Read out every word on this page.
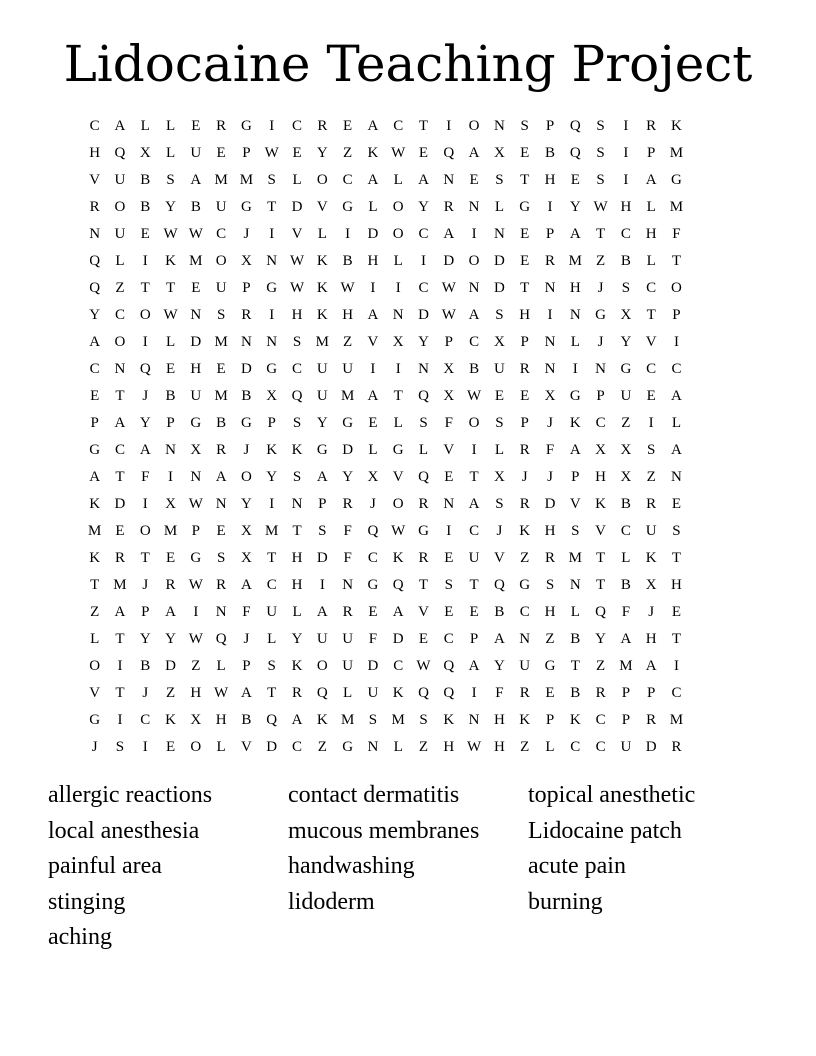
Lidocaine Teaching Project
C A	L	L	E	R G	I	C	R	E	A C	T	I	O N	S	P	Q	S	I	R K
H Q X	L	U	E	P W E	Y	Z	K W E	Q A X	E	B Q	S	I	P M
V U B	S	A M M S	L	O C A	L	A N	E	S	T	H	E	S	I	A G
R O B Y B U G	T	D V G	L	O Y R N	L	G	I	Y W H	L M
N U	E W W C	J	I	V	L	I	D O C A	I	N	E	P	A	T	C H	F
Q	L	I	K M O X N W K B H	L	I	D O D	E	R M Z	B	L	T
Q	Z	T	T	E	U	P	G W K W	I	I	C W N D	T	N H	J	S	C O
Y C O W N	S	R	I	H K H A N D W A	S	H	I	N G X	T	P
A O	I	L	D M N N	S M Z	V X Y	P	C X	P	N	L	J	Y V	I
C N Q	E	H	E	D G C U U	I	I	N X B U R N	I	N G C	C
E	T	J	B U M B X Q U M A	T	Q X W E	E	X G	P	U	E	A
P	A Y	P	G B G	P	S	Y G	E	L	S	F	O	S	P	J	K C	Z	I	L
G C A N X R	J	K K G D	L	G	L	V	I	L	R	F	A X X	S	A
A	T	F	I	N A O Y	S	A Y X V Q	E	T	X	J	J	P	H X	Z	N
K D	I	X W N Y	I	N	P	R	J	O R N A	S	R D V K B	R	E
M E	O M P	E	X M T	S	F	Q W G	I	C	J	K H	S	V C U	S
K R	T	E	G	S	X	T	H D	F	C K R	E	U V	Z	R M T	L	K	T
T M	J	R W R A C H	I	N G Q	T	S	T	Q G	S	N	T	B X H
Z	A	P	A	I	N	F	U	L	A R	E	A V	E	E	B	C H	L	Q	F	J	E
L	T	Y Y W Q	J	L	Y U U	F	D	E	C	P	A N	Z	B Y A H	T
O	I	B D	Z	L	P	S	K O U D C W Q A Y U G	T	Z M A	I
V	T	J	Z	H W A	T	R Q	L	U K Q Q	I	F	R	E	B	R	P	P	C
G	I	C K X H B Q A K M S M S	K N H K	P	K C	P	R M
J	S	I	E	O	L	V D C	Z	G N	L	Z	H W H	Z	L	C	C U D R
allergic reactions	contact dermatitis	topical anesthetic
local anesthesia	mucous membranes	Lidocaine patch
painful area	handwashing	acute pain
stinging	lidoderm	burning
aching
